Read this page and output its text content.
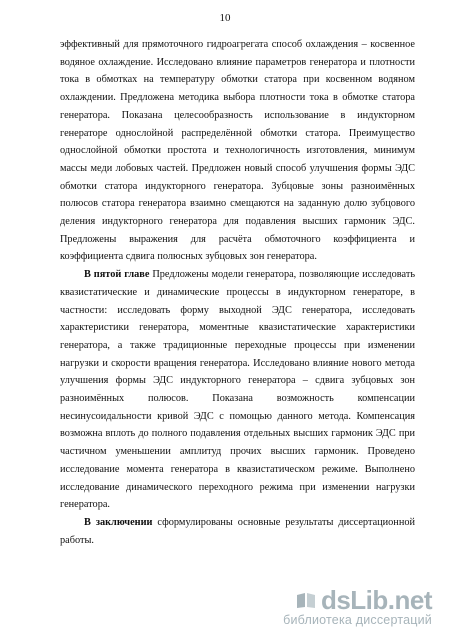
10

эффективный для прямоточного гидроагрегата способ охлаждения – косвенное водяное охлаждение. Исследовано влияние параметров генератора и плотности тока в обмотках на температуру обмотки статора при косвенном водяном охлаждении. Предложена методика выбора плотности тока в обмотке статора генератора. Показана целесообразность использование в индукторном генераторе однослойной распределённой обмотки статора. Преимущество однослойной обмотки простота и технологичность изготовления, минимум массы меди лобовых частей. Предложен новый способ улучшения формы ЭДС обмотки статора индукторного генератора. Зубцовые зоны разноимённых полюсов статора генератора взаимно смещаются на заданную долю зубцового деления индукторного генератора для подавления высших гармоник ЭДС. Предложены выражения для расчёта обмоточного коэффициента и коэффициента сдвига полюсных зубцовых зон генератора.

В пятой главе Предложены модели генератора, позволяющие исследовать квазистатические и динамические процессы в индукторном генераторе, в частности: исследовать форму выходной ЭДС генератора, исследовать характеристики генератора, моментные квазистатические характеристики генератора, а также традиционные переходные процессы при изменении нагрузки и скорости вращения генератора. Исследовано влияние нового метода улучшения формы ЭДС индукторного генератора – сдвига зубцовых зон разноимённых полюсов. Показана возможность компенсации несинусоидальности кривой ЭДС с помощью данного метода. Компенсация возможна вплоть до полного подавления отдельных высших гармоник ЭДС при частичном уменьшении амплитуд прочих высших гармоник. Проведено исследование момента генератора в квазистатическом режиме. Выполнено исследование динамического переходного режима при изменении нагрузки генератора.

В заключении сформулированы основные результаты диссертационной работы.

dsLib.net
библиотека диссертаций
